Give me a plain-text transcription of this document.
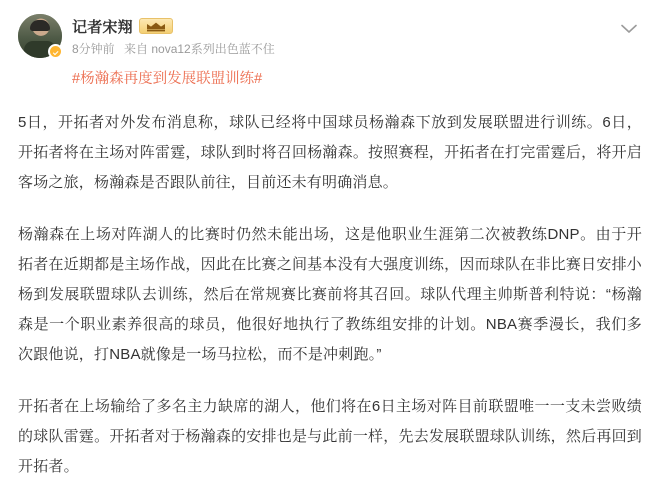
记者宋翔
8分钟前 来自 nova12系列出色蓝不住
#杨瀚森再度到发展联盟训练#

5日，开拓者对外发布消息称，球队已经将中国球员杨瀚森下放到发展联盟进行训练。6日，开拓者将在主场对阵雷霆，球队到时将召回杨瀚森。按照赛程，开拓者在打完雷霆后，将开启客场之旅，杨瀚森是否跟队前往，目前还未有明确消息。

杨瀚森在上场对阵湖人的比赛时仍然未能出场，这是他职业生涯第二次被教练DNP。由于开拓者在近期都是主场作战，因此在比赛之间基本没有大强度训练，因而球队在非比赛日安排小杨到发展联盟球队去训练，然后在常规赛比赛前将其召回。球队代理主帅斯普利特说：“杨瀚森是一个职业素养很高的球员，他很好地执行了教练组安排的计划。NBA赛季漫长，我们多次跟他说，打NBA就像是一场马拉松，而不是冲刺跑。”

开拓者在上场输给了多名主力缺席的湖人，他们将在6日主场对阵目前联盟唯一一支未尝败绩的球队雷霆。开拓者对于杨瀚森的安排也是与此前一样，先去发展联盟球队训练，然后再回到开拓者。
